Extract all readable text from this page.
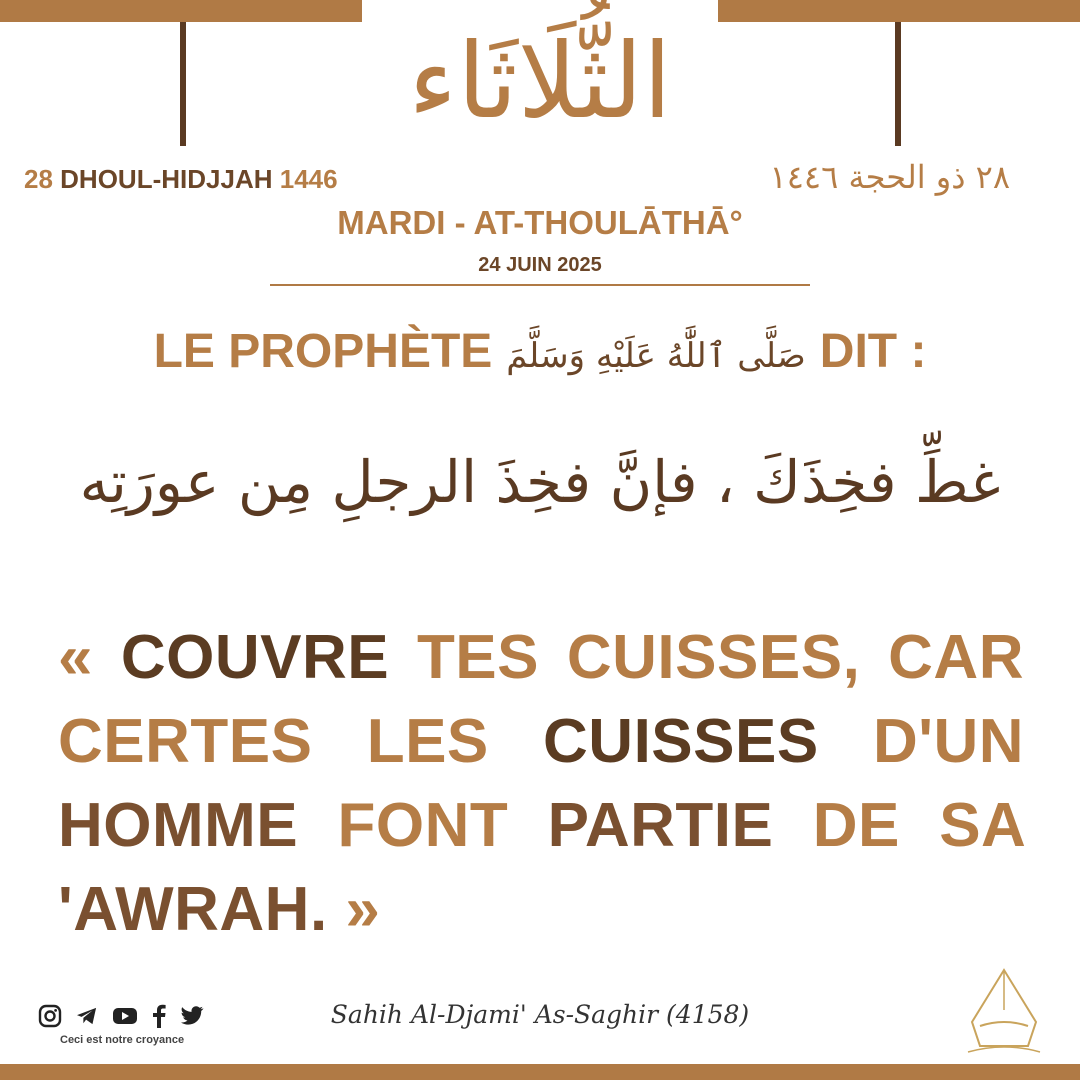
الثُّلَاثَاء
28 DHOUL-HIDJJAH 1446	٢٨ ذو الحجة ١٤٤٦
MARDI - AT-THOULĀTHĀ°
24 JUIN 2025
LE PROPHÈTE صَلَّى ٱللَّٰهُ عَلَيْهِ وَسَلَّمَ DIT :
غطِّ فخِذَكَ ، فإنَّ فخِذَ الرجلِ مِن عورَتِه
« COUVRE TES CUISSES, CAR CERTES LES CUISSES D'UN HOMME FONT PARTIE DE SA 'AWRAH. »
Ceci est notre croyance
Sahih Al-Djami' As-Saghir (4158)
